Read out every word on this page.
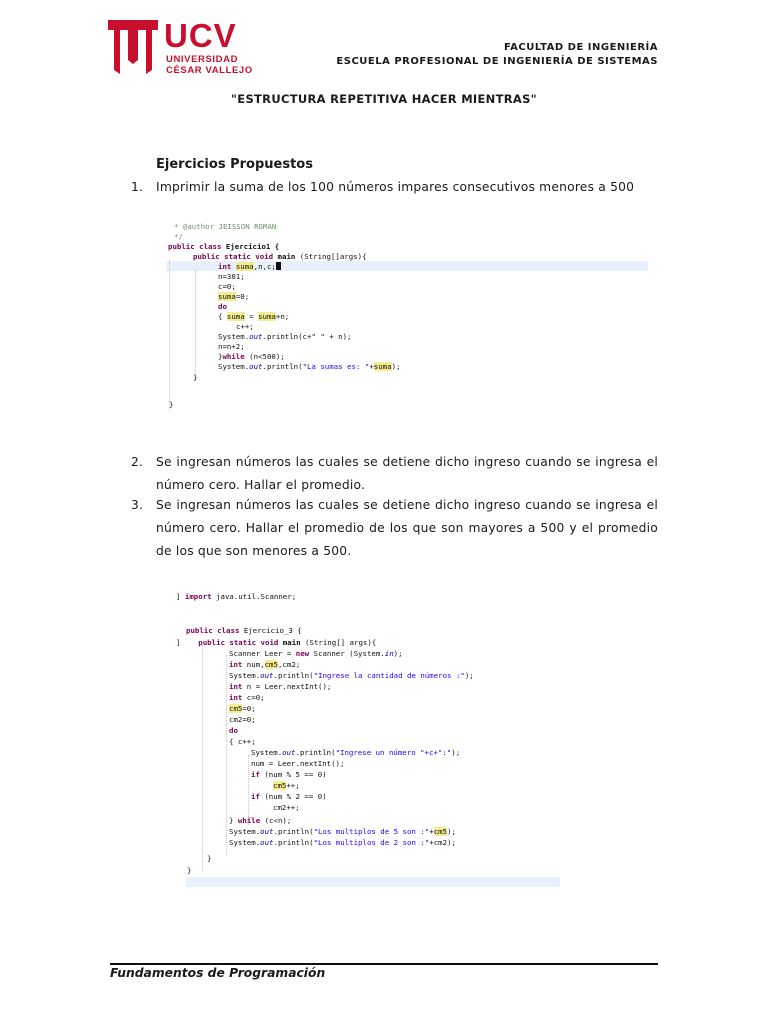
UCV
UNIVERSIDAD
CÉSAR VALLEJO
FACULTAD DE INGENIERÍA
ESCUELA PROFESIONAL DE INGENIERÍA DE SISTEMAS
"ESTRUCTURA REPETITIVA HACER MIENTRAS"
Ejercicios Propuestos
1. Imprimir la suma de los 100 números impares consecutivos menores a 500
* @author JEISSON ROMAN
*/
public class Ejercicio1 {
public static void main (String[]args){
int suma,n,c;
n=301;
c=0;
suma=0;
do
{ suma = suma+n;
c++;
System.out.println(c+" " + n);
n=n+2;
}while (n<500);
System.out.println("La sumas es: "+suma);
}
}
2. Se ingresan números las cuales se detiene dicho ingreso cuando se ingresa el número cero. Hallar el promedio.
3. Se ingresan números las cuales se detiene dicho ingreso cuando se ingresa el número cero. Hallar el promedio de los que son mayores a 500 y el promedio de los que son menores a 500.
] import java.util.Scanner;
public class Ejercicio_3 {
] public static void main (String[] args){
Scanner Leer = new Scanner (System.in);
int num,cm5,cm2;
System.out.println("Ingrese la cantidad de números :");
int n = Leer.nextInt();
int c=0;
cm5=0;
cm2=0;
do
{ c++;
System.out.println("Ingrese un número "+c+":");
num = Leer.nextInt();
if (num % 5 == 0)
cm5++;
if (num % 2 == 0)
cm2++;
} while (c<n);
System.out.println("Los multiplos de 5 son :"+cm5);
System.out.println("Los multiplos de 2 son :"+cm2);
}
}
Fundamentos de Programación
